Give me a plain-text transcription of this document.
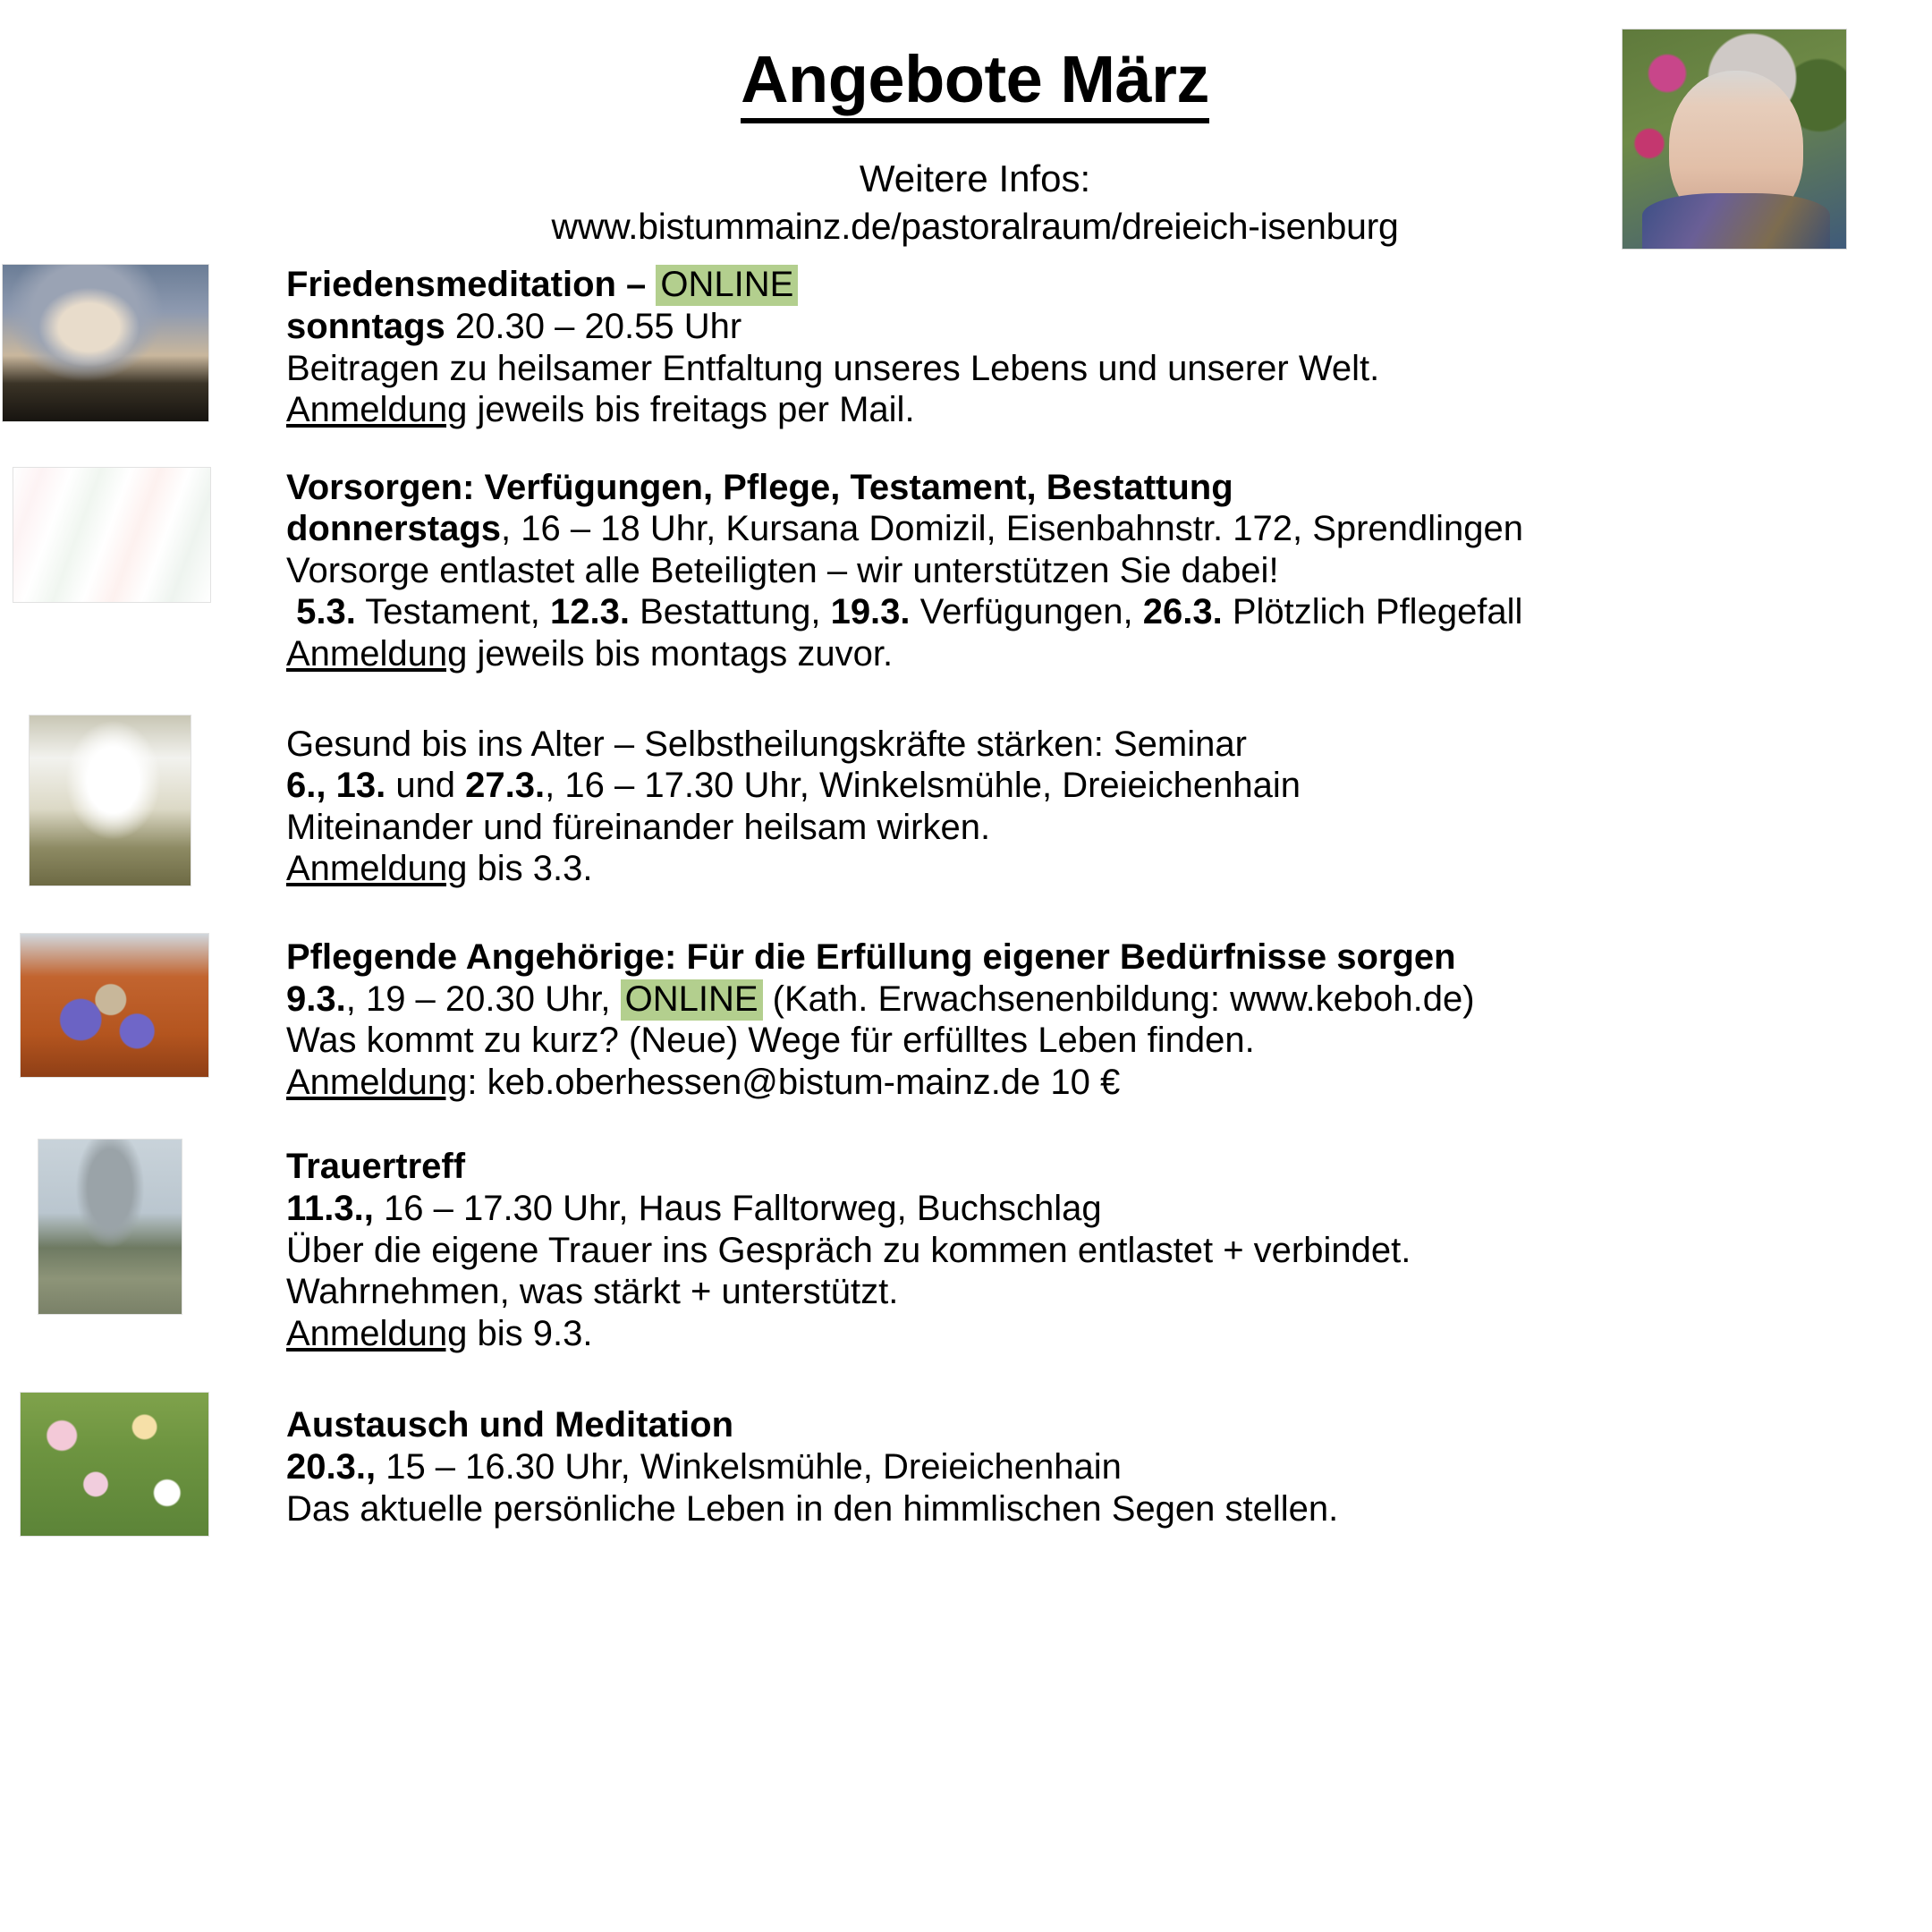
Angebote März
Weitere Infos:
www.bistummainz.de/pastoralraum/dreieich-isenburg
Friedensmeditation – ONLINE
sonntags 20.30 – 20.55 Uhr
Beitragen zu heilsamer Entfaltung unseres Lebens und unserer Welt.
Anmeldung jeweils bis freitags per Mail.
Vorsorgen: Verfügungen, Pflege, Testament, Bestattung
donnerstags, 16 – 18 Uhr, Kursana Domizil, Eisenbahnstr. 172, Sprendlingen
Vorsorge entlastet alle Beteiligten – wir unterstützen Sie dabei!
5.3. Testament, 12.3. Bestattung, 19.3. Verfügungen, 26.3. Plötzlich Pflegefall
Anmeldung jeweils bis montags zuvor.
Gesund bis ins Alter – Selbstheilungskräfte stärken: Seminar
6., 13. und 27.3., 16 – 17.30 Uhr, Winkelsmühle, Dreieichenhain
Miteinander und füreinander heilsam wirken.
Anmeldung bis 3.3.
Pflegende Angehörige: Für die Erfüllung eigener Bedürfnisse sorgen
9.3., 19 – 20.30 Uhr, ONLINE (Kath. Erwachsenenbildung: www.keboh.de)
Was kommt zu kurz? (Neue) Wege für erfülltes Leben finden.
Anmeldung: keb.oberhessen@bistum-mainz.de 10 €
Trauertreff
11.3., 16 – 17.30 Uhr, Haus Falltorweg, Buchschlag
Über die eigene Trauer ins Gespräch zu kommen entlastet + verbindet.
Wahrnehmen, was stärkt + unterstützt.
Anmeldung bis 9.3.
Austausch und Meditation
20.3., 15 – 16.30 Uhr, Winkelsmühle, Dreieichenhain
Das aktuelle persönliche Leben in den himmlischen Segen stellen.
